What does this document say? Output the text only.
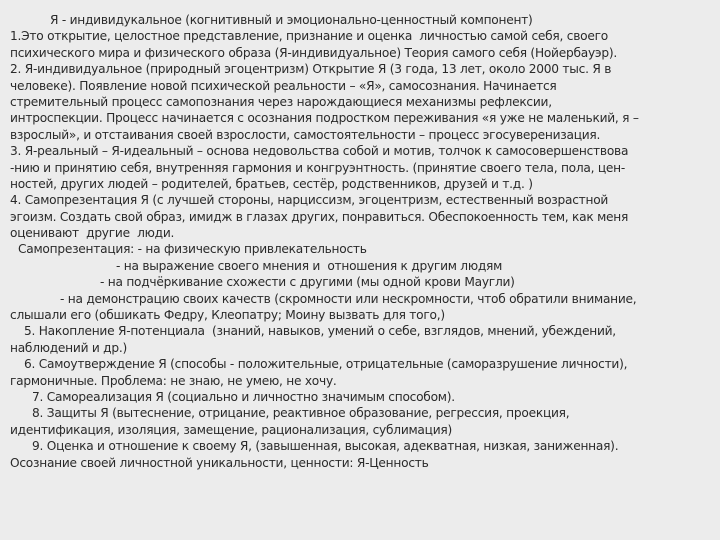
Я - индивидукальное (когнитивный и эмоционально-ценностный компонент)
1.Это открытие, целостное представление, признание и оценка  личностью самой себя, своего
психического мира и физического образа (Я-индивидуальное) Теория самого себя (Нойербауэр).
2. Я-индивидуальное (природный эгоцентризм) Открытие Я (3 года, 13 лет, около 2000 тыс. Я в
человеке). Появление новой психической реальности – «Я», самосознания. Начинается
стремительный процесс самопознания через нарождающиеся механизмы рефлексии,
интроспекции. Процесс начинается с осознания подростком переживания «я уже не маленький, я –
взрослый», и отстаивания своей взрослости, самостоятельности – процесс эгосуверенизация.
3. Я-реальный – Я-идеальный – основа недовольства собой и мотив, толчок к самосовершенствова
-нию и принятию себя, внутренняя гармония и конгруэнтность. (принятие своего тела, пола, цен-
ностей, других людей – родителей, братьев, сестёр, родственников, друзей и т.д. )
4. Самопрезентация Я (с лучшей стороны, нарциссизм, эгоцентризм, естественный возрастной
эгоизм. Создать свой образ, имидж в глазах других, понравиться. Обеспокоенность тем, как меня
оценивают  другие  люди.
Самопрезентация: - на физическую привлекательность
- на выражение своего мнения и  отношения к другим людям
- на подчёркивание схожести с другими (мы одной крови Маугли)
- на демонстрацию своих качеств (скромности или нескромности, чтоб обратили внимание,
слышали его (обшикать Федру, Клеопатру; Моину вызвать для того,)
5. Накопление Я-потенциала  (знаний, навыков, умений о себе, взглядов, мнений, убеждений,
наблюдений и др.)
6. Самоутверждение Я (способы - положительные, отрицательные (саморазрушение личности),
гармоничные. Проблема: не знаю, не умею, не хочу.
7. Самореализация Я (социально и личностно значимым способом).
8. Защиты Я (вытеснение, отрицание, реактивное образование, регрессия, проекция,
идентификация, изоляция, замещение, рационализация, сублимация)
9. Оценка и отношение к своему Я, (завышенная, высокая, адекватная, низкая, заниженная).
Осознание своей личностной уникальности, ценности: Я-Ценность
